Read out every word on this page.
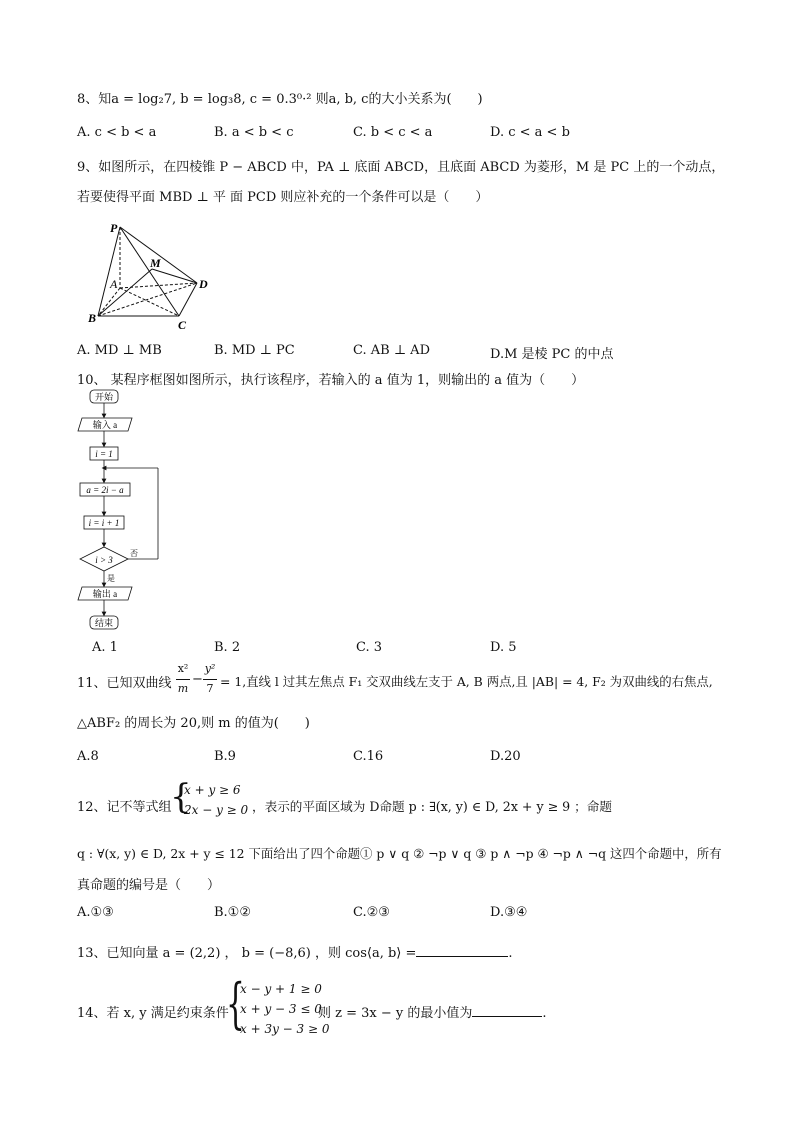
8、知a = log₂7, b = log₃8, c = 0.3⁰·² 则a, b, c的大小关系为(　　)
A. c < b < a	B. a < b < c	C. b < c < a	D. c < a < b
9、如图所示，在四棱锥 P − ABCD 中，PA ⊥ 底面 ABCD，且底面 ABCD 为菱形，M 是 PC 上的一个动点，
若要使得平面 MBD ⊥ 平 面 PCD 则应补充的一个条件可以是（　　）
P
M
A	D
B	C
A. MD ⊥ MB	B. MD ⊥ PC	C. AB ⊥ AD	D.M 是棱 PC 的中点
10、 某程序框图如图所示，执行该程序，若输入的 a 值为 1，则输出的 a 值为（　　）
开始
输入 a
i = 1
a = 2i − a
i = i + 1
i > 3
否
是
输出 a
结束
A. 1	B. 2	C. 3	D. 5
11、已知双曲线
x²
m
−
y²
7 = 1,直线 l 过其左焦点 F₁ 交双曲线左支于 A, B 两点,且 |AB| = 4, F₂ 为双曲线的右焦点,
△ABF₂ 的周长为 20,则 m 的值为(　　)
A.8	B.9	C.16	D.20
12、记不等式组
{
x + y ≥ 6
2x − y ≥ 0 ，表示的平面区域为 D命题 p : ∃(x, y) ∈ D, 2x + y ≥ 9 ；命题
q : ∀(x, y) ∈ D, 2x + y ≤ 12 下面给出了四个命题① p ∨ q ② ¬p ∨ q ③ p ∧ ¬p ④ ¬p ∧ ¬q 这四个命题中，所有
真命题的编号是（　　）
A.①③	B.①②	C.②③	D.③④
13、已知向量 a = (2,2) ， b = (−8,6) ，则 cos⟨a, b⟩ =	.
14、若 x, y 满足约束条件
{
x − y + 1 ≥ 0
x + y − 3 ≤ 0
x + 3y − 3 ≥ 0
则 z = 3x − y 的最小值为	.
